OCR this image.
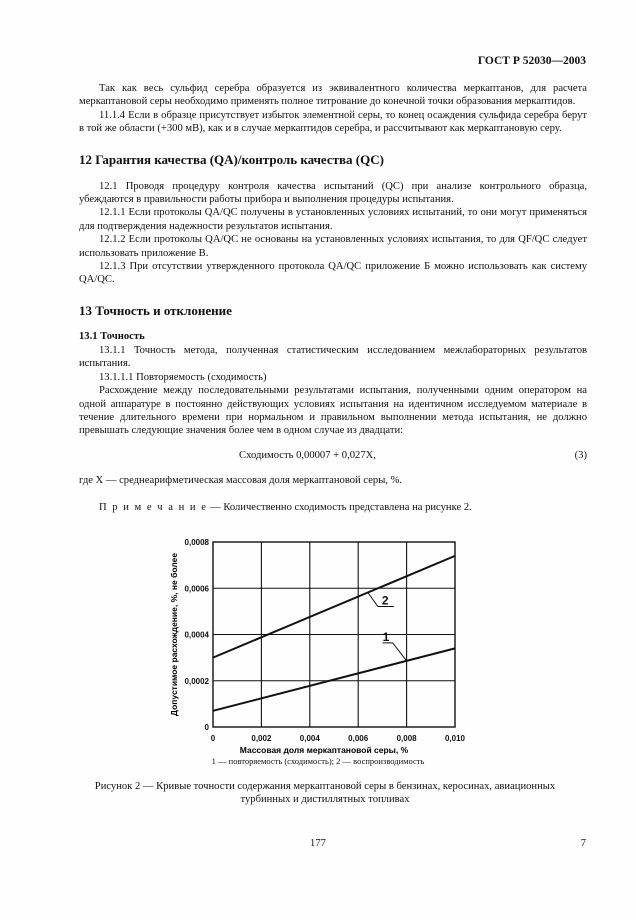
ГОСТ Р 52030—2003

Так как весь сульфид серебра образуется из эквивалентного количества меркаптанов, для расчета меркаптановой серы необходимо применять полное титрование до конечной точки образования меркаптидов.

11.1.4 Если в образце присутствует избыток элементной серы, то конец осаждения сульфида серебра берут в той же области (+300 мВ), как и в случае меркаптидов серебра, и рассчитывают как меркаптановую серу.

12 Гарантия качества (QA)/контроль качества (QC)

12.1 Проводя процедуру контроля качества испытаний (QC) при анализе контрольного образца, убеждаются в правильности работы прибора и выполнения процедуры испытания.

12.1.1 Если протоколы QA/QC получены в установленных условиях испытаний, то они могут применяться для подтверждения надежности результатов испытания.

12.1.2 Если протоколы QA/QC не основаны на установленных условиях испытания, то для QF/QC следует использовать приложение В.

12.1.3 При отсутствии утвержденного протокола QA/QC приложение Б можно использовать как систему QA/QC.

13 Точность и отклонение
13.1 Точность

13.1.1 Точность метода, полученная статистическим исследованием межлабораторных результатов испытания.

13.1.1.1 Повторяемость (сходимость)

Расхождение между последовательными результатами испытания, полученными одним оператором на одной аппаратуре в постоянно действующих условиях испытания на идентичном исследуемом материале в течение длительного времени при нормальном и правильном выполнении метода испытания, не должно превышать следующие значения более чем в одном случае из двадцати:

Сходимость 0,00007 + 0,027X,	(3)

где X — среднеарифметическая массовая доля меркаптановой серы, %.

П р и м е ч а н и е — Количественно сходимость представлена на рисунке 2.

0	0,002	0,004	0,006	0,008	0,010
0
0,0002
0,0004
0,0006
0,0008
1
2
Массовая доля меркаптановой серы, %
Допустимое расхождение, %, не более
1 — повторяемость (сходимость); 2 — воспроизводимость
Рисунок 2 — Кривые точности содержания меркаптановой серы в бензинах, керосинах, авиационных турбинных и дистиллятных топливах
177	7
